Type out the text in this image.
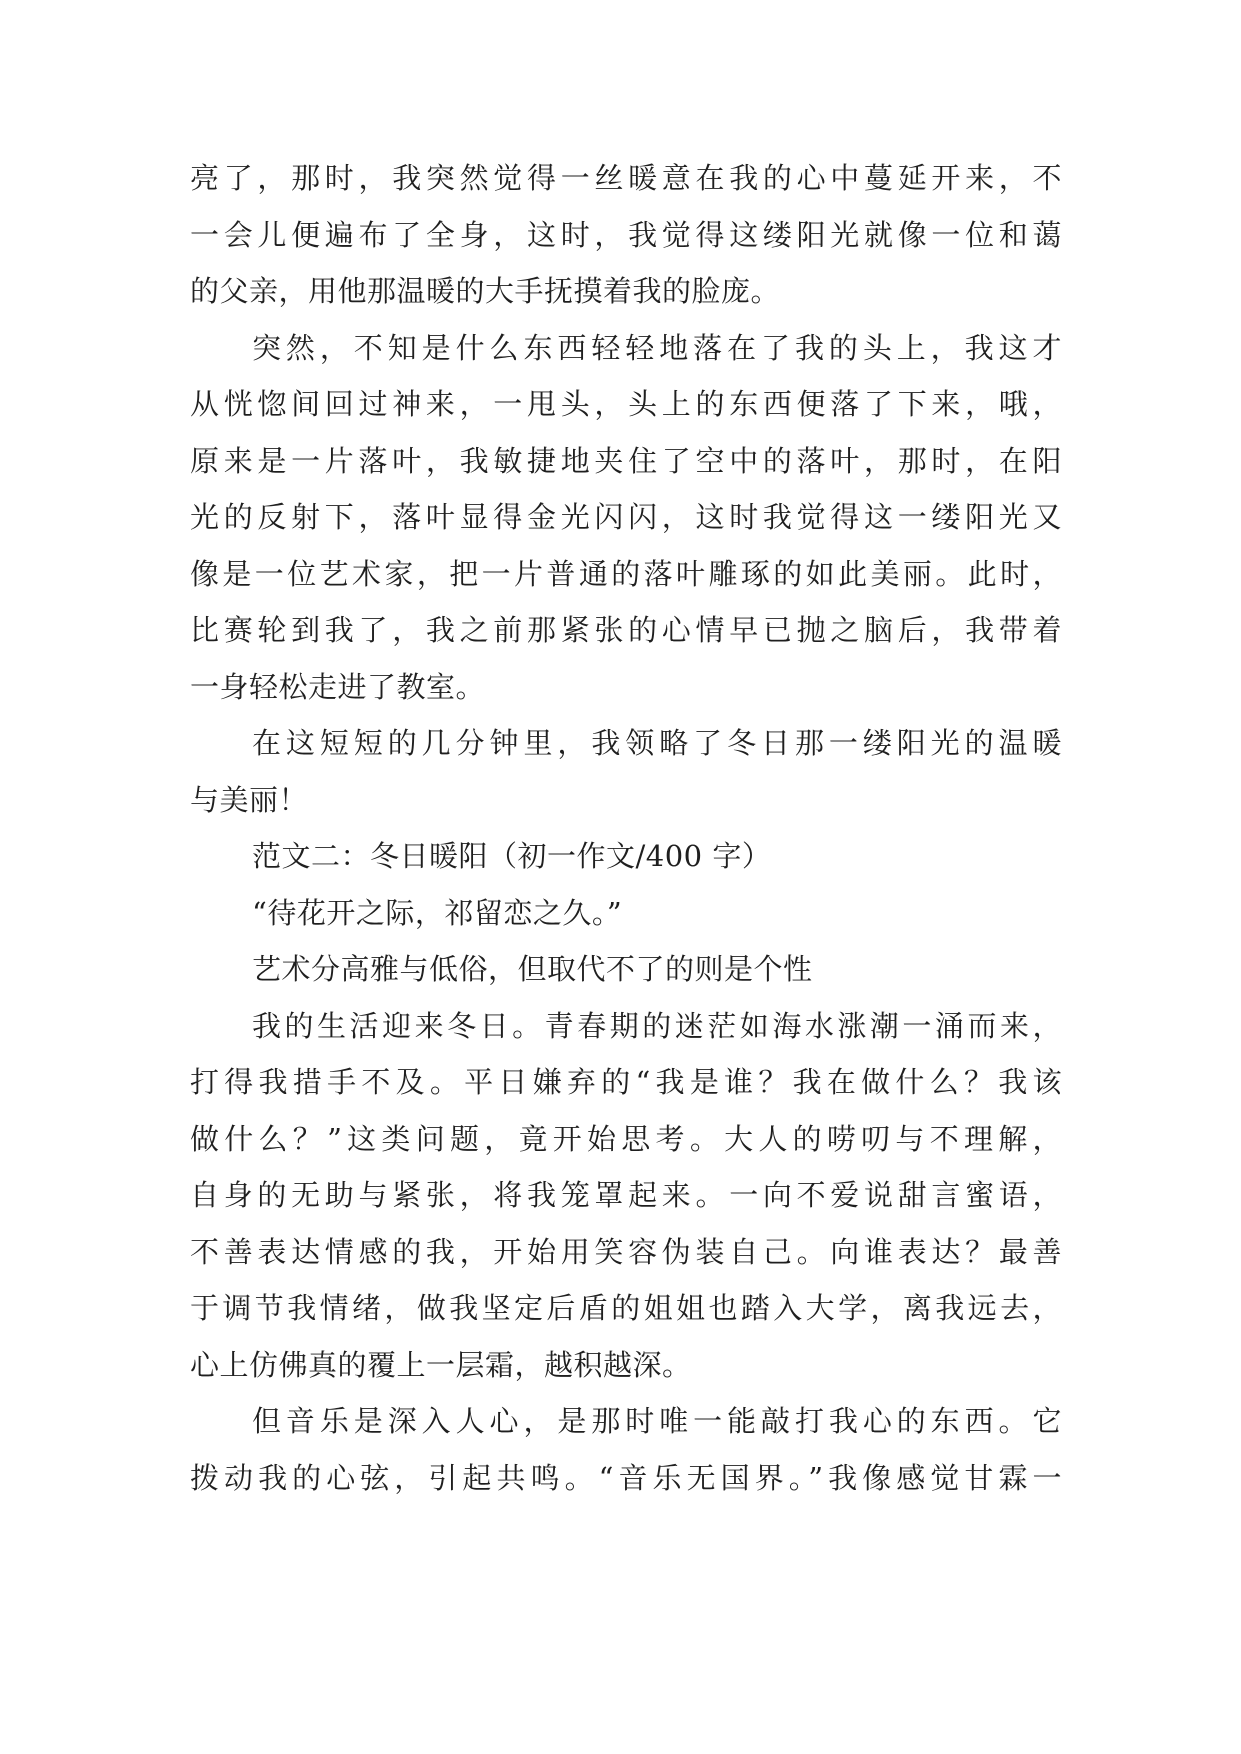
亮了，那时，我突然觉得一丝暖意在我的心中蔓延开来，不
一会儿便遍布了全身，这时，我觉得这缕阳光就像一位和蔼
的父亲，用他那温暖的大手抚摸着我的脸庞。
突然，不知是什么东西轻轻地落在了我的头上，我这才
从恍惚间回过神来，一甩头，头上的东西便落了下来，哦，
原来是一片落叶，我敏捷地夹住了空中的落叶，那时，在阳
光的反射下，落叶显得金光闪闪，这时我觉得这一缕阳光又
像是一位艺术家，把一片普通的落叶雕琢的如此美丽。此时，
比赛轮到我了，我之前那紧张的心情早已抛之脑后，我带着
一身轻松走进了教室。
在这短短的几分钟里，我领略了冬日那一缕阳光的温暖
与美丽！
范文二：冬日暖阳（初一作文/400 字）
“待花开之际，祁留恋之久。”
艺术分高雅与低俗，但取代不了的则是个性
我的生活迎来冬日。青春期的迷茫如海水涨潮一涌而来，
打得我措手不及。平日嫌弃的“我是谁？我在做什么？我该
做什么？”这类问题，竟开始思考。大人的唠叨与不理解，
自身的无助与紧张，将我笼罩起来。一向不爱说甜言蜜语，
不善表达情感的我，开始用笑容伪装自己。向谁表达？最善
于调节我情绪，做我坚定后盾的姐姐也踏入大学，离我远去，
心上仿佛真的覆上一层霜，越积越深。
但音乐是深入人心，是那时唯一能敲打我心的东西。它
拨动我的心弦，引起共鸣。“音乐无国界。”我像感觉甘霖一
